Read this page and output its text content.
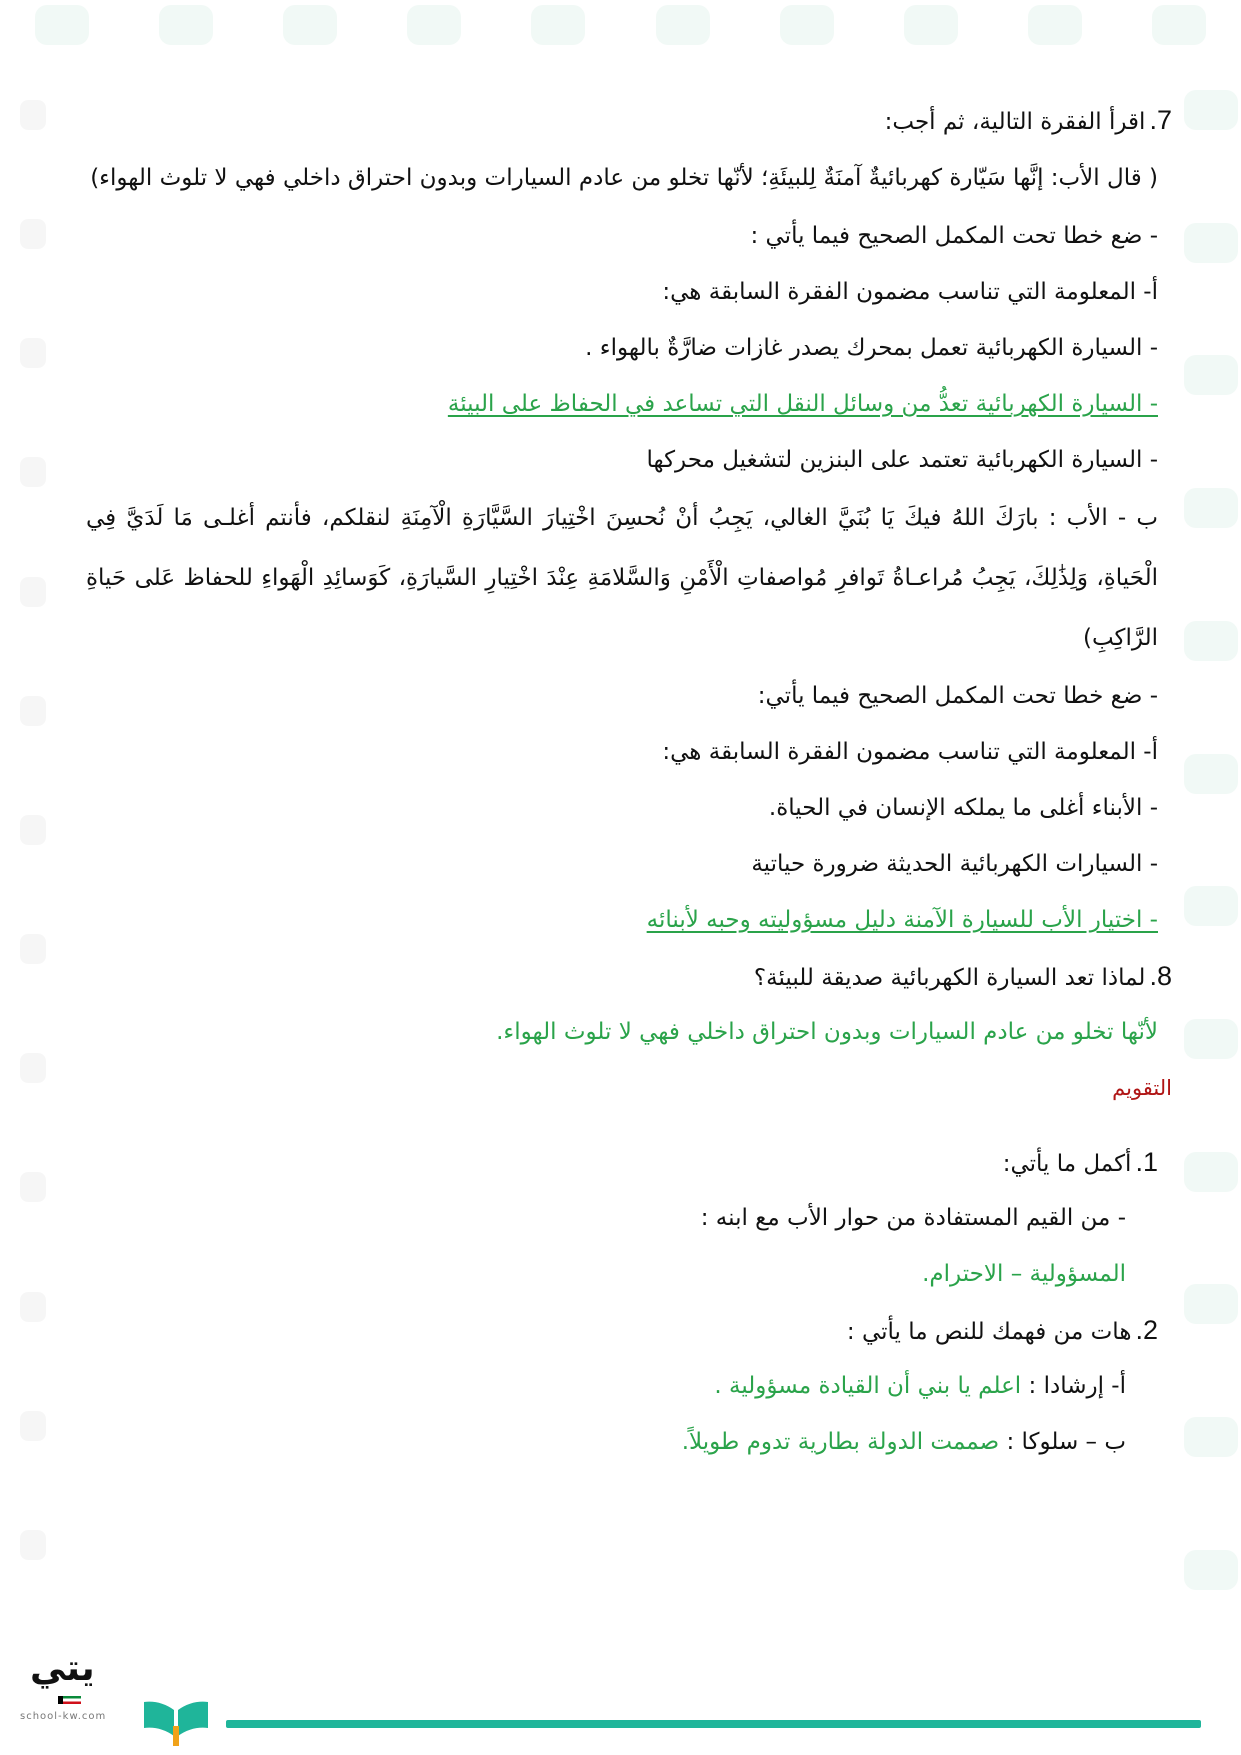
7.اقرأ الفقرة التالية، ثم أجب:
( قال الأب: إنَّها سَيّارة كهربائيةٌ آمنَةٌ لِلبيئَةِ؛ لأنّها تخلو من عادم السيارات وبدون احتراق داخلي فهي لا تلوث الهواء)
- ضع خطا تحت المكمل الصحيح فيما يأتي :
أ- المعلومة التي تناسب مضمون الفقرة السابقة هي:
- السيارة الكهربائية تعمل بمحرك يصدر غازات ضارَّةٌ بالهواء .
- السيارة الكهربائية تعدُّ من وسائل النقل التي تساعد في الحفاظ على البيئة
- السيارة الكهربائية تعتمد على البنزين لتشغيل محركها
ب - الأب : بارَكَ اللهُ فيكَ يَا بُنَيَّ الغالي، يَجِبُ أنْ نُحسِنَ اخْتِيارَ السَّيَّارَةِ الْآمِنَةِ لنقلكم، فأنتم أغلـى مَا لَدَيَّ فِي الْحَياةِ، وَلِذَٰلِكَ، يَجِبُ مُراعـاةُ تَوافرِ مُواصفاتِ الْأَمْنِ وَالسَّلامَةِ عِنْدَ اخْتِيارِ السَّيارَةِ، كَوَسائِدِ الْهَواءِ للحفاظ عَلى حَياةِ الرَّاكِبِ)
- ضع خطا تحت المكمل الصحيح فيما يأتي:
أ- المعلومة التي تناسب مضمون الفقرة السابقة هي:
- الأبناء أغلى ما يملكه الإنسان في الحياة.
- السيارات الكهربائية الحديثة ضرورة حياتية
- اختيار الأب للسيارة الآمنة دليل مسؤوليته وحبه لأبنائه
8.لماذا تعد السيارة الكهربائية صديقة للبيئة؟
لأنّها تخلو من عادم السيارات وبدون احتراق داخلي فهي لا تلوث الهواء.
التقويم
1.أكمل ما يأتي:
- من القيم المستفادة من حوار الأب مع ابنه :
المسؤولية – الاحترام.
2.هات من فهمك للنص ما يأتي :
أ- إرشادا : اعلم يا بني أن القيادة مسؤولية .
ب – سلوكا : صممت الدولة بطارية تدوم طويلاً.
يتي
school-kw.com
